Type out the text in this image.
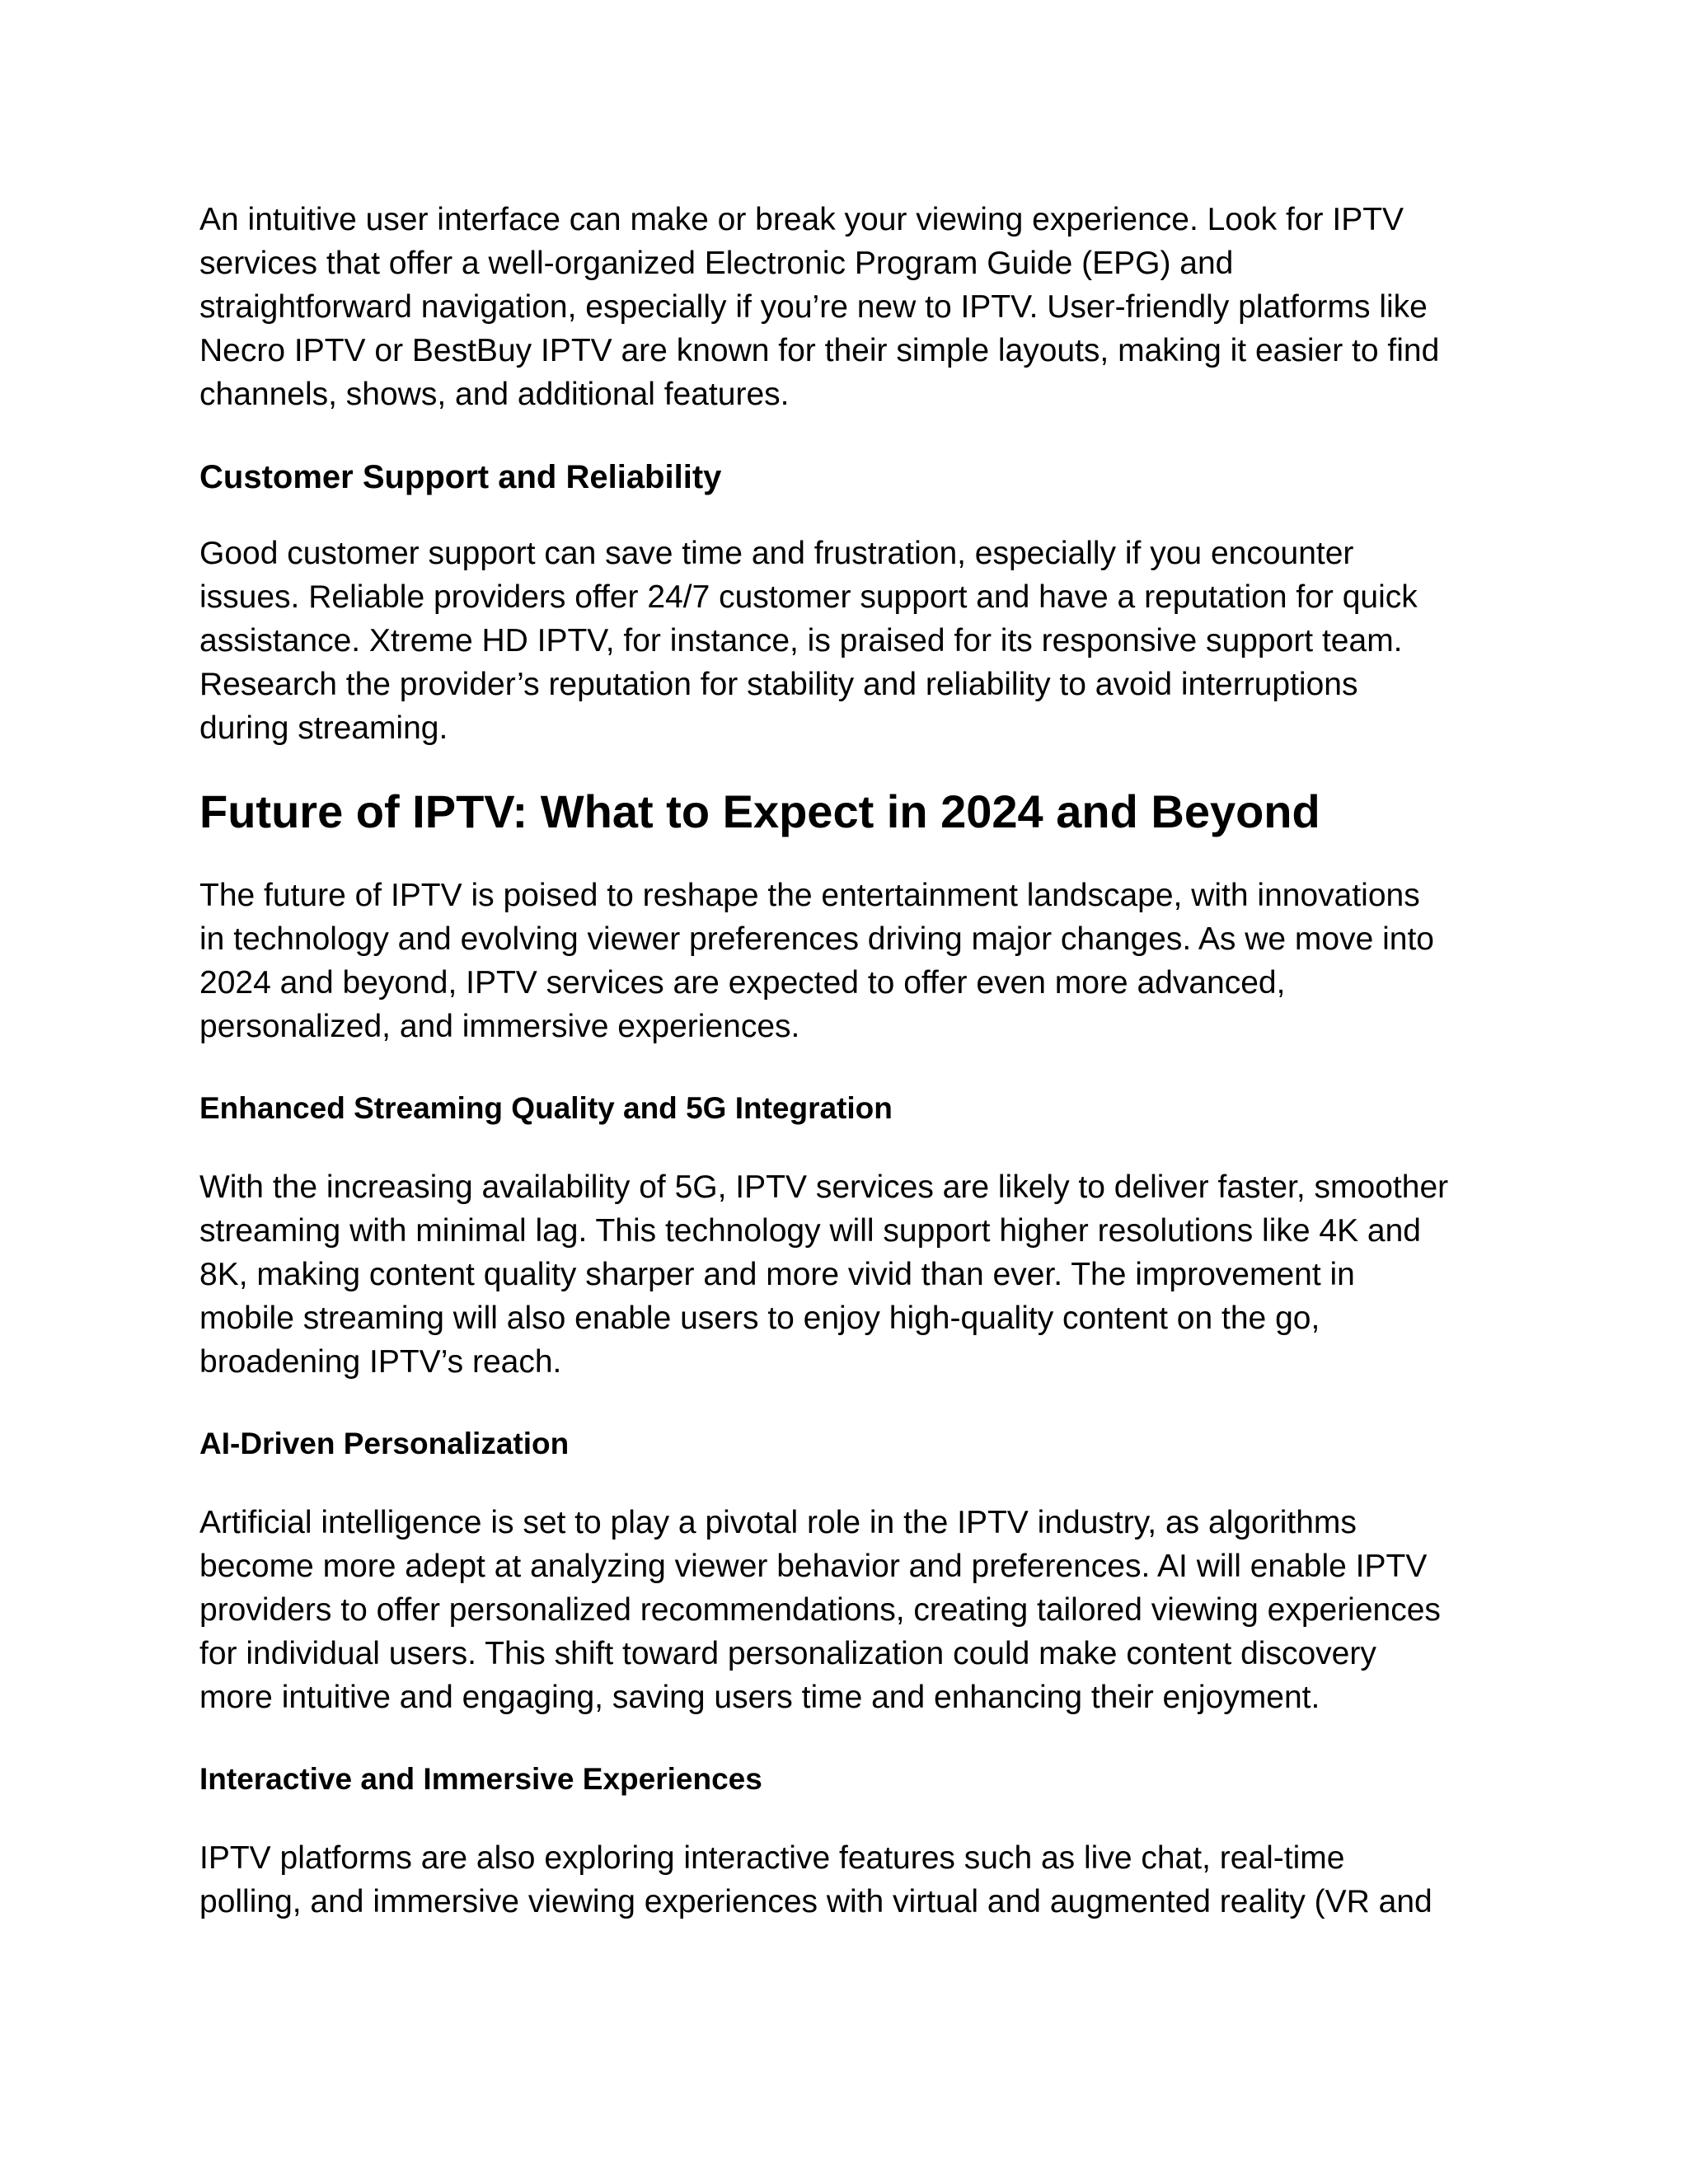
An intuitive user interface can make or break your viewing experience. Look for IPTV
services that offer a well-organized Electronic Program Guide (EPG) and
straightforward navigation, especially if you’re new to IPTV. User-friendly platforms like
Necro IPTV or BestBuy IPTV are known for their simple layouts, making it easier to find
channels, shows, and additional features.

Customer Support and Reliability

Good customer support can save time and frustration, especially if you encounter
issues. Reliable providers offer 24/7 customer support and have a reputation for quick
assistance. Xtreme HD IPTV, for instance, is praised for its responsive support team.
Research the provider’s reputation for stability and reliability to avoid interruptions
during streaming.

Future of IPTV: What to Expect in 2024 and Beyond

The future of IPTV is poised to reshape the entertainment landscape, with innovations
in technology and evolving viewer preferences driving major changes. As we move into
2024 and beyond, IPTV services are expected to offer even more advanced,
personalized, and immersive experiences.

Enhanced Streaming Quality and 5G Integration

With the increasing availability of 5G, IPTV services are likely to deliver faster, smoother
streaming with minimal lag. This technology will support higher resolutions like 4K and
8K, making content quality sharper and more vivid than ever. The improvement in
mobile streaming will also enable users to enjoy high-quality content on the go,
broadening IPTV’s reach.

AI-Driven Personalization

Artificial intelligence is set to play a pivotal role in the IPTV industry, as algorithms
become more adept at analyzing viewer behavior and preferences. AI will enable IPTV
providers to offer personalized recommendations, creating tailored viewing experiences
for individual users. This shift toward personalization could make content discovery
more intuitive and engaging, saving users time and enhancing their enjoyment.

Interactive and Immersive Experiences

IPTV platforms are also exploring interactive features such as live chat, real-time
polling, and immersive viewing experiences with virtual and augmented reality (VR and
